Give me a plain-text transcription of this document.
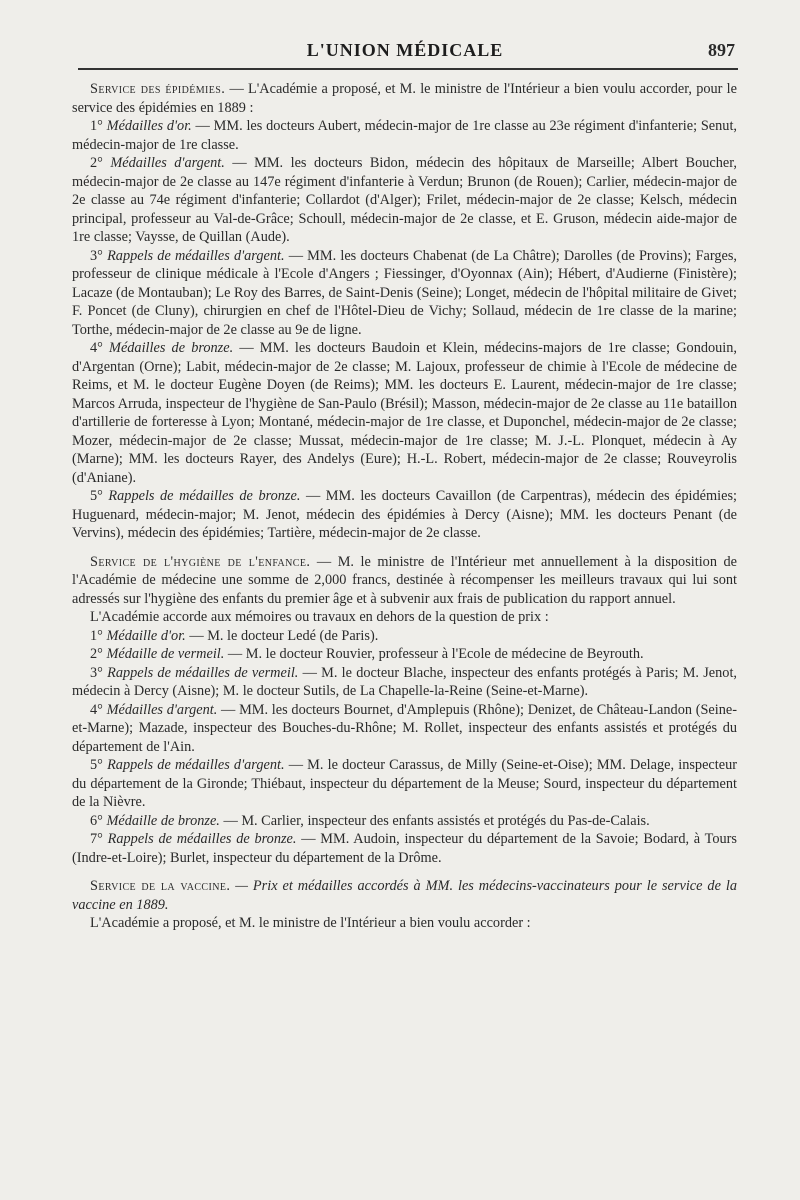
L'UNION MÉDICALE	897

Service des épidémies. — L'Académie a proposé, et M. le ministre de l'Intérieur a bien voulu accorder, pour le service des épidémies en 1889 :

1° Médailles d'or. — MM. les docteurs Aubert, médecin-major de 1re classe au 23e régiment d'infanterie; Senut, médecin-major de 1re classe.

2° Médailles d'argent. — MM. les docteurs Bidon, médecin des hôpitaux de Marseille; Albert Boucher, médecin-major de 2e classe au 147e régiment d'infanterie à Verdun; Brunon (de Rouen); Carlier, médecin-major de 2e classe au 74e régiment d'infanterie; Collardot (d'Alger); Frilet, médecin-major de 2e classe; Kelsch, médecin principal, professeur au Val-de-Grâce; Schoull, médecin-major de 2e classe, et E. Gruson, médecin aide-major de 1re classe; Vaysse, de Quillan (Aude).

3° Rappels de médailles d'argent. — MM. les docteurs Chabenat (de La Châtre); Darolles (de Provins); Farges, professeur de clinique médicale à l'Ecole d'Angers ; Fiessinger, d'Oyonnax (Ain); Hébert, d'Audierne (Finistère); Lacaze (de Montauban); Le Roy des Barres, de Saint-Denis (Seine); Longet, médecin de l'hôpital militaire de Givet; F. Poncet (de Cluny), chirurgien en chef de l'Hôtel-Dieu de Vichy; Sollaud, médecin de 1re classe de la marine; Torthe, médecin-major de 2e classe au 9e de ligne.

4° Médailles de bronze. — MM. les docteurs Baudoin et Klein, médecins-majors de 1re classe; Gondouin, d'Argentan (Orne); Labit, médecin-major de 2e classe; M. Lajoux, professeur de chimie à l'Ecole de médecine de Reims, et M. le docteur Eugène Doyen (de Reims); MM. les docteurs E. Laurent, médecin-major de 1re classe; Marcos Arruda, inspecteur de l'hygiène de San-Paulo (Brésil); Masson, médecin-major de 2e classe au 11e bataillon d'artillerie de forteresse à Lyon; Montané, médecin-major de 1re classe, et Duponchel, médecin-major de 2e classe; Mozer, médecin-major de 2e classe; Mussat, médecin-major de 1re classe; M. J.-L. Plonquet, médecin à Ay (Marne); MM. les docteurs Rayer, des Andelys (Eure); H.-L. Robert, médecin-major de 2e classe; Rouveyrolis (d'Aniane).

5° Rappels de médailles de bronze. — MM. les docteurs Cavaillon (de Carpentras), médecin des épidémies; Huguenard, médecin-major; M. Jenot, médecin des épidémies à Dercy (Aisne); MM. les docteurs Penant (de Vervins), médecin des épidémies; Tartière, médecin-major de 2e classe.

Service de l'hygiène de l'enfance. — M. le ministre de l'Intérieur met annuellement à la disposition de l'Académie de médecine une somme de 2,000 francs, destinée à récompenser les meilleurs travaux qui lui sont adressés sur l'hygiène des enfants du premier âge et à subvenir aux frais de publication du rapport annuel.

L'Académie accorde aux mémoires ou travaux en dehors de la question de prix :

1° Médaille d'or. — M. le docteur Ledé (de Paris).

2° Médaille de vermeil. — M. le docteur Rouvier, professeur à l'Ecole de médecine de Beyrouth.

3° Rappels de médailles de vermeil. — M. le docteur Blache, inspecteur des enfants protégés à Paris; M. Jenot, médecin à Dercy (Aisne); M. le docteur Sutils, de La Chapelle-la-Reine (Seine-et-Marne).

4° Médailles d'argent. — MM. les docteurs Bournet, d'Amplepuis (Rhône); Denizet, de Château-Landon (Seine-et-Marne); Mazade, inspecteur des Bouches-du-Rhône; M. Rollet, inspecteur des enfants assistés et protégés du département de l'Ain.

5° Rappels de médailles d'argent. — M. le docteur Carassus, de Milly (Seine-et-Oise); MM. Delage, inspecteur du département de la Gironde; Thiébaut, inspecteur du département de la Meuse; Sourd, inspecteur du département de la Nièvre.

6° Médaille de bronze. — M. Carlier, inspecteur des enfants assistés et protégés du Pas-de-Calais.

7° Rappels de médailles de bronze. — MM. Audoin, inspecteur du département de la Savoie; Bodard, à Tours (Indre-et-Loire); Burlet, inspecteur du département de la Drôme.

Service de la vaccine. — Prix et médailles accordés à MM. les médecins-vaccinateurs pour le service de la vaccine en 1889.

L'Académie a proposé, et M. le ministre de l'Intérieur a bien voulu accorder :
